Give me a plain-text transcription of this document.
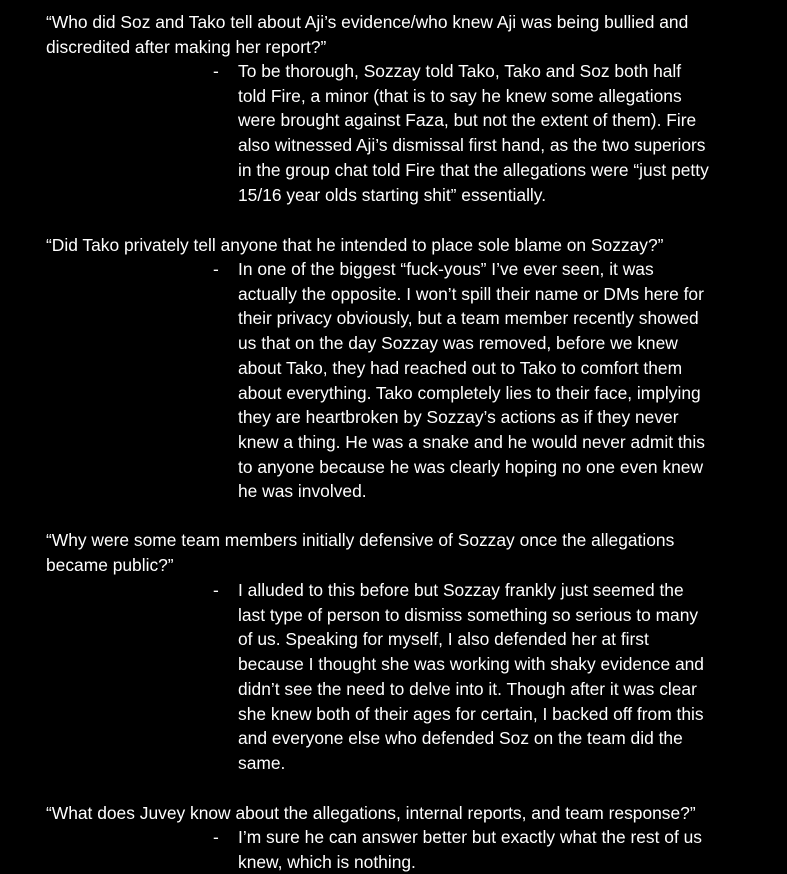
“Who did Soz and Tako tell about Aji’s evidence/who knew Aji was being bullied and
discredited after making her report?”

- To be thorough, Sozzay told Tako, Tako and Soz both half
told Fire, a minor (that is to say he knew some allegations
were brought against Faza, but not the extent of them). Fire
also witnessed Aji’s dismissal first hand, as the two superiors
in the group chat told Fire that the allegations were “just petty
15/16 year olds starting shit” essentially.

“Did Tako privately tell anyone that he intended to place sole blame on Sozzay?”

- In one of the biggest “fuck-yous” I’ve ever seen, it was
actually the opposite. I won’t spill their name or DMs here for
their privacy obviously, but a team member recently showed
us that on the day Sozzay was removed, before we knew
about Tako, they had reached out to Tako to comfort them
about everything. Tako completely lies to their face, implying
they are heartbroken by Sozzay’s actions as if they never
knew a thing. He was a snake and he would never admit this
to anyone because he was clearly hoping no one even knew
he was involved.

“Why were some team members initially defensive of Sozzay once the allegations
became public?”

- I alluded to this before but Sozzay frankly just seemed the
last type of person to dismiss something so serious to many
of us. Speaking for myself, I also defended her at first
because I thought she was working with shaky evidence and
didn’t see the need to delve into it. Though after it was clear
she knew both of their ages for certain, I backed off from this
and everyone else who defended Soz on the team did the
same.

“What does Juvey know about the allegations, internal reports, and team response?”

- I’m sure he can answer better but exactly what the rest of us
knew, which is nothing.
